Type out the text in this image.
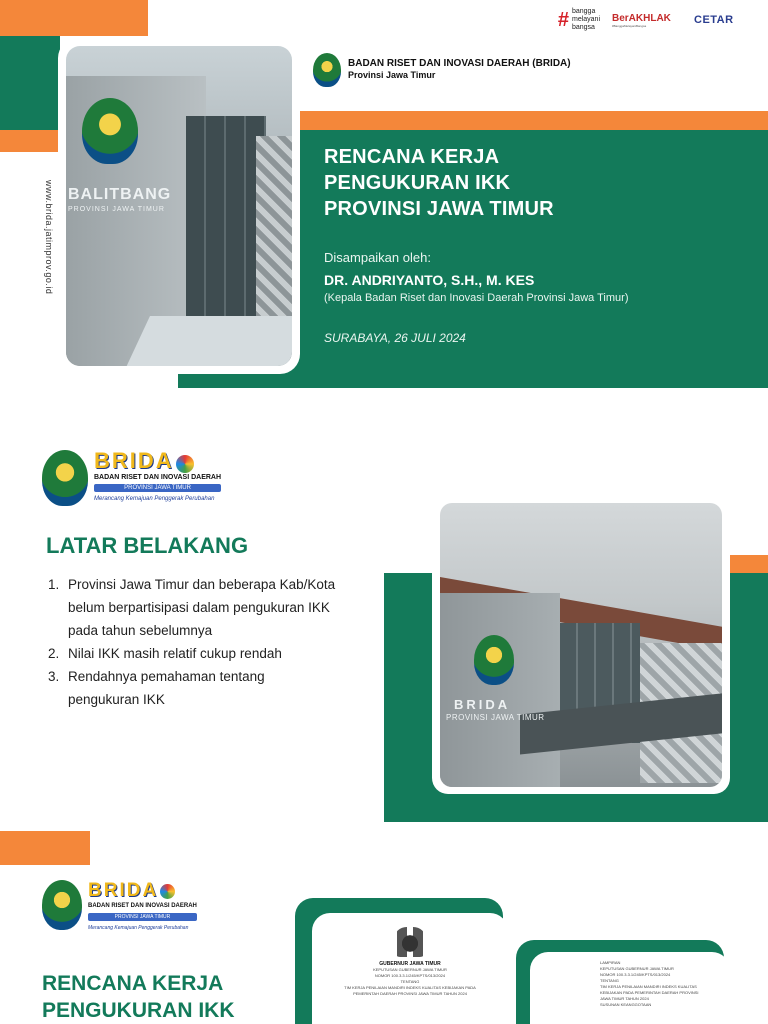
BALITBANG
PROVINSI JAWA TIMUR
www.brida.jatimprov.go.id
BADAN RISET DAN INOVASI DAERAH (BRIDA)
Provinsi Jawa Timur
# bangga
melayani
bangsa
BerAKHLAK
#BanggaMelayaniBangsa	CETAR
RENCANA KERJA
PENGUKURAN IKK
PROVINSI JAWA TIMUR
Disampaikan oleh:
DR. ANDRIYANTO, S.H., M. KES
(Kepala Badan Riset dan Inovasi Daerah Provinsi Jawa Timur)
SURABAYA, 26 JULI 2024
BRIDA
BADAN RISET DAN INOVASI DAERAH
PROVINSI JAWA TIMUR
Merancang Kemajuan Penggerak Perubahan
LATAR BELAKANG
1. Provinsi Jawa Timur dan beberapa Kab/Kota belum berpartisipasi dalam pengukuran IKK pada tahun sebelumnya
2. Nilai IKK masih relatif cukup rendah
3. Rendahnya pemahaman tentang pengukuran IKK	BRIDA
PROVINSI JAWA TIMUR
BRIDA
BADAN RISET DAN INOVASI DAERAH
PROVINSI JAWA TIMUR
Merancang Kemajuan Penggerak Perubahan
RENCANA KERJA
PENGUKURAN IKK
GUBERNUR JAWA TIMUR
KEPUTUSAN GUBERNUR JAWA TIMUR
NOMOR 100.3.3.1/245/KPTS/013/2024
TENTANG
TIM KERJA PENILAIAN MANDIRI INDEKS KUALITAS KEBIJAKAN PADA
PEMERINTAH DAERAH PROVINSI JAWA TIMUR TAHUN 2024
LAMPIRAN
KEPUTUSAN GUBERNUR JAWA TIMUR
NOMOR 100.3.3.1/245/KPTS/013/2024
TENTANG
TIM KERJA PENILAIAN MANDIRI INDEKS KUALITAS
KEBIJAKAN PADA PEMERINTAH DAERAH PROVINSI
JAWA TIMUR TAHUN 2024
SUSUNAN KEANGGOTAAN
